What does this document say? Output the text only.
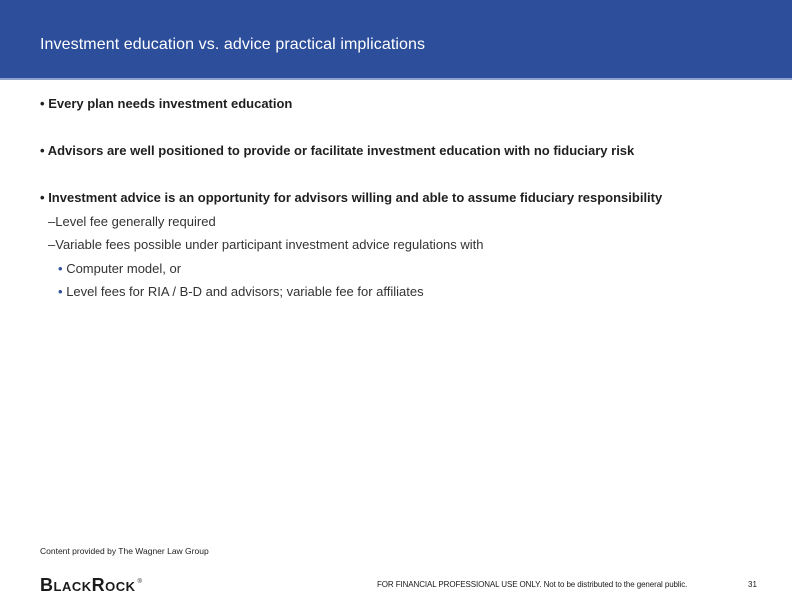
Investment education vs. advice practical implications
• Every plan needs investment education
• Advisors are well positioned to provide or facilitate investment education with no fiduciary risk
• Investment advice is an opportunity for advisors willing and able to assume fiduciary responsibility
–Level fee generally required
–Variable fees possible under participant investment advice regulations with
• Computer model, or
• Level fees for RIA / B-D and advisors; variable fee for affiliates
Content provided by The Wagner Law Group
BLACKROCK ®	FOR FINANCIAL PROFESSIONAL USE ONLY. Not to be distributed to the general public.	31
